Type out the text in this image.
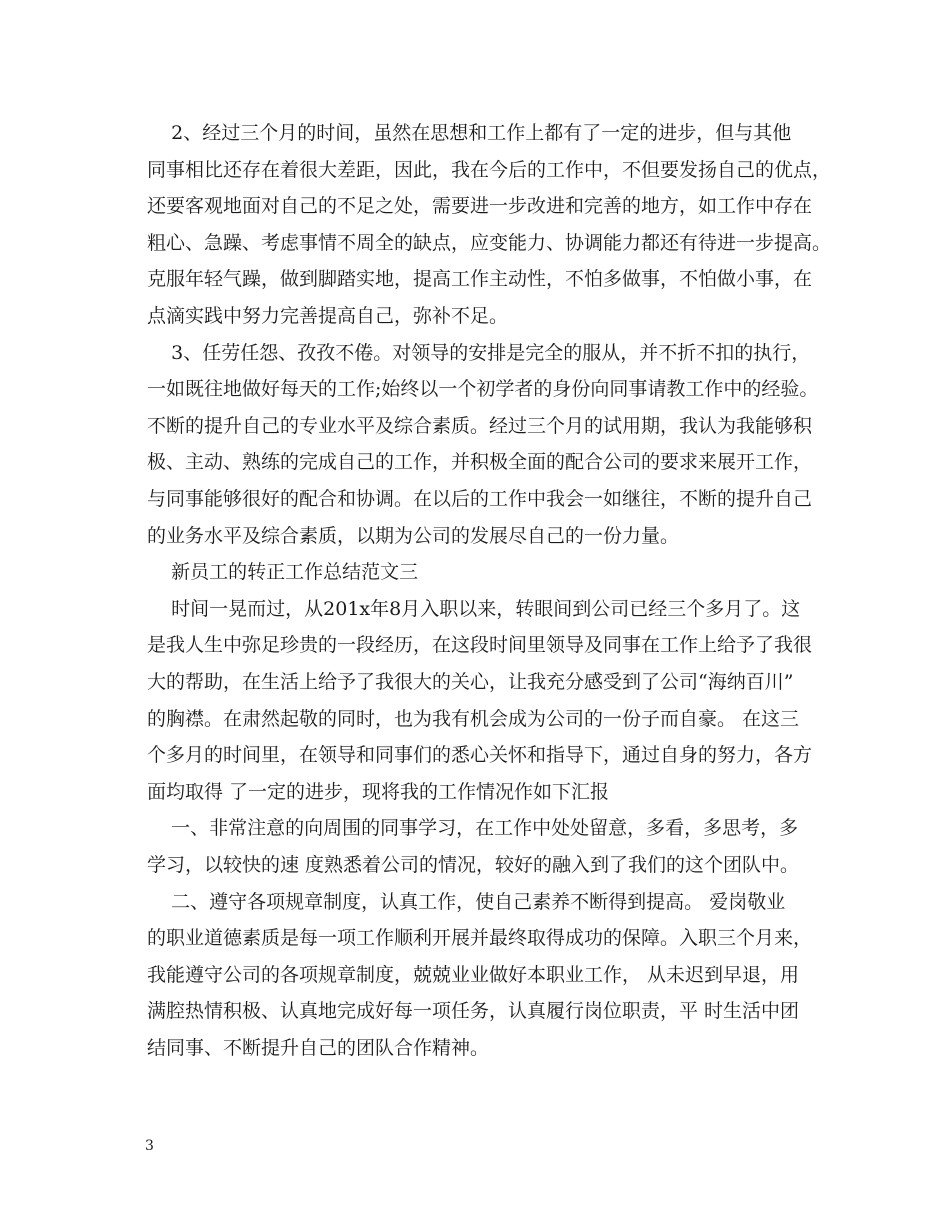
2、经过三个月的时间，虽然在思想和工作上都有了一定的进步，但与其他
同事相比还存在着很大差距，因此，我在今后的工作中，不但要发扬自己的优点，
还要客观地面对自己的不足之处，需要进一步改进和完善的地方，如工作中存在
粗心、急躁、考虑事情不周全的缺点，应变能力、协调能力都还有待进一步提高。
克服年轻气躁，做到脚踏实地，提高工作主动性，不怕多做事，不怕做小事，在
点滴实践中努力完善提高自己，弥补不足。
3、任劳任怨、孜孜不倦。对领导的安排是完全的服从，并不折不扣的执行，
一如既往地做好每天的工作;始终以一个初学者的身份向同事请教工作中的经验。
不断的提升自己的专业水平及综合素质。经过三个月的试用期，我认为我能够积
极、主动、熟练的完成自己的工作，并积极全面的配合公司的要求来展开工作，
与同事能够很好的配合和协调。在以后的工作中我会一如继往，不断的提升自己
的业务水平及综合素质，以期为公司的发展尽自己的一份力量。
新员工的转正工作总结范文三
时间一晃而过，从201x年8月入职以来，转眼间到公司已经三个多月了。这
是我人生中弥足珍贵的一段经历，在这段时间里领导及同事在工作上给予了我很
大的帮助，在生活上给予了我很大的关心，让我充分感受到了公司“海纳百川”
的胸襟。在肃然起敬的同时，也为我有机会成为公司的一份子而自豪。 在这三
个多月的时间里，在领导和同事们的悉心关怀和指导下，通过自身的努力，各方
面均取得 了一定的进步，现将我的工作情况作如下汇报
一、非常注意的向周围的同事学习，在工作中处处留意，多看，多思考，多
学习，以较快的速 度熟悉着公司的情况，较好的融入到了我们的这个团队中。
二、遵守各项规章制度，认真工作，使自己素养不断得到提高。 爱岗敬业
的职业道德素质是每一项工作顺利开展并最终取得成功的保障。入职三个月来，
我能遵守公司的各项规章制度，兢兢业业做好本职业工作， 从未迟到早退，用
满腔热情积极、认真地完成好每一项任务，认真履行岗位职责，平 时生活中团
结同事、不断提升自己的团队合作精神。
3
